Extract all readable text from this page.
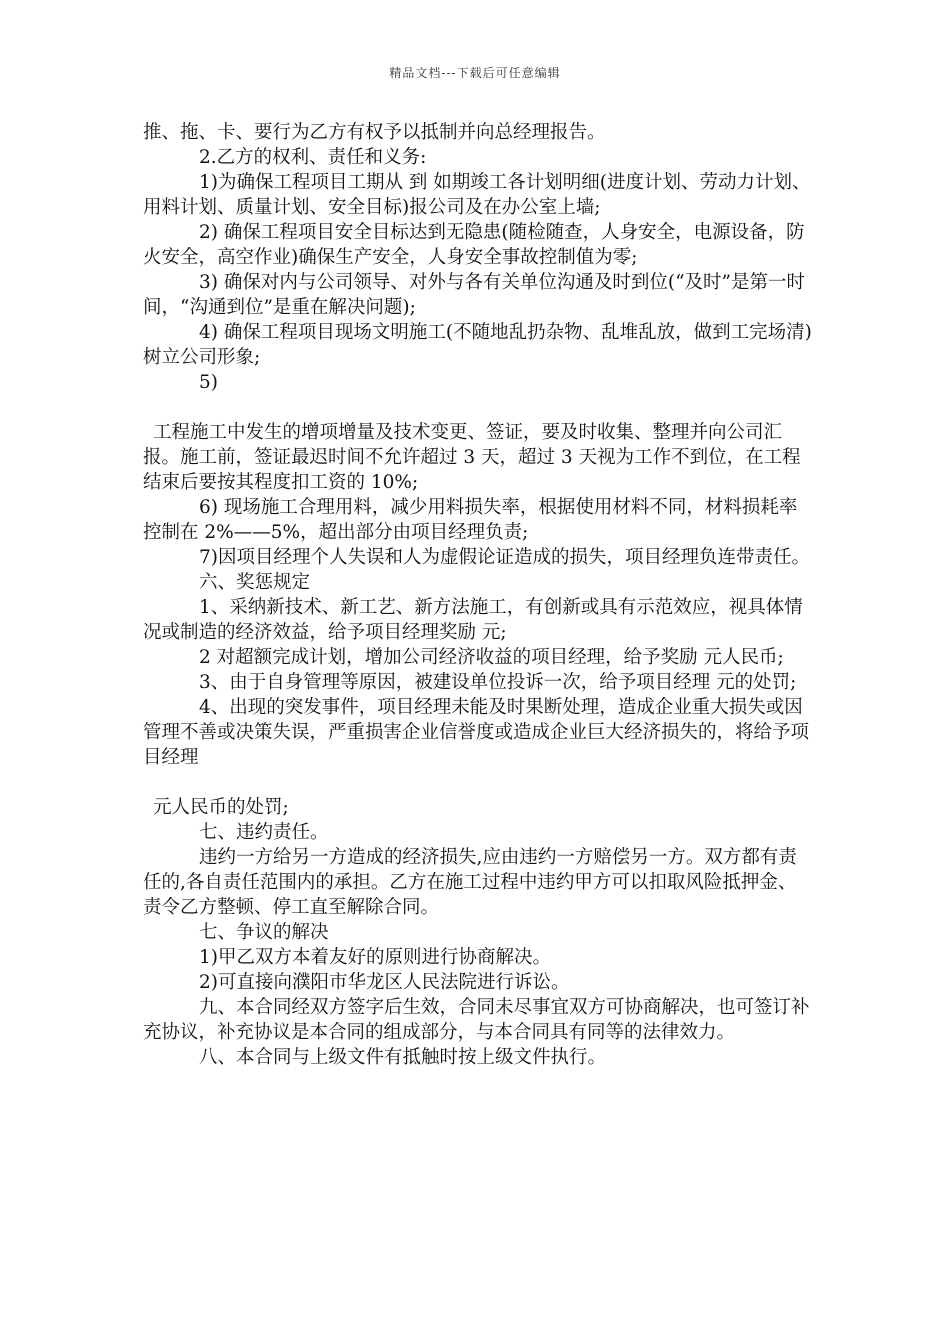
精品文档---下载后可任意编辑

推、拖、卡、要行为乙方有权予以抵制并向总经理报告。

2.乙方的权利、责任和义务:

1)为确保工程项目工期从 到 如期竣工各计划明细(进度计划、劳动力计划、用料计划、质量计划、安全目标)报公司及在办公室上墙;

2) 确保工程项目安全目标达到无隐患(随检随查，人身安全，电源设备，防火安全，高空作业)确保生产安全，人身安全事故控制值为零;

3) 确保对内与公司领导、对外与各有关单位沟通及时到位(“及时”是第一时间，“沟通到位”是重在解决问题);

4) 确保工程项目现场文明施工(不随地乱扔杂物、乱堆乱放，做到工完场清)树立公司形象;

5)

工程施工中发生的增项增量及技术变更、签证，要及时收集、整理并向公司汇报。施工前，签证最迟时间不允许超过 3 天，超过 3 天视为工作不到位，在工程结束后要按其程度扣工资的 10%;

6) 现场施工合理用料，减少用料损失率，根据使用材料不同，材料损耗率控制在 2%——5%，超出部分由项目经理负责;

7)因项目经理个人失误和人为虚假论证造成的损失，项目经理负连带责任。

六、奖惩规定

1、采纳新技术、新工艺、新方法施工，有创新或具有示范效应，视具体情况或制造的经济效益，给予项目经理奖励 元;

2 对超额完成计划，增加公司经济收益的项目经理，给予奖励 元人民币;

3、由于自身管理等原因，被建设单位投诉一次，给予项目经理 元的处罚;

4、出现的突发事件，项目经理未能及时果断处理，造成企业重大损失或因管理不善或决策失误，严重损害企业信誉度或造成企业巨大经济损失的，将给予项目经理

元人民币的处罚;

七、违约责任。

违约一方给另一方造成的经济损失,应由违约一方赔偿另一方。双方都有责任的,各自责任范围内的承担。乙方在施工过程中违约甲方可以扣取风险抵押金、责令乙方整顿、停工直至解除合同。

七、争议的解决

1)甲乙双方本着友好的原则进行协商解决。

2)可直接向濮阳市华龙区人民法院进行诉讼。

九、本合同经双方签字后生效，合同未尽事宜双方可协商解决，也可签订补充协议，补充协议是本合同的组成部分，与本合同具有同等的法律效力。

八、本合同与上级文件有抵触时按上级文件执行。
